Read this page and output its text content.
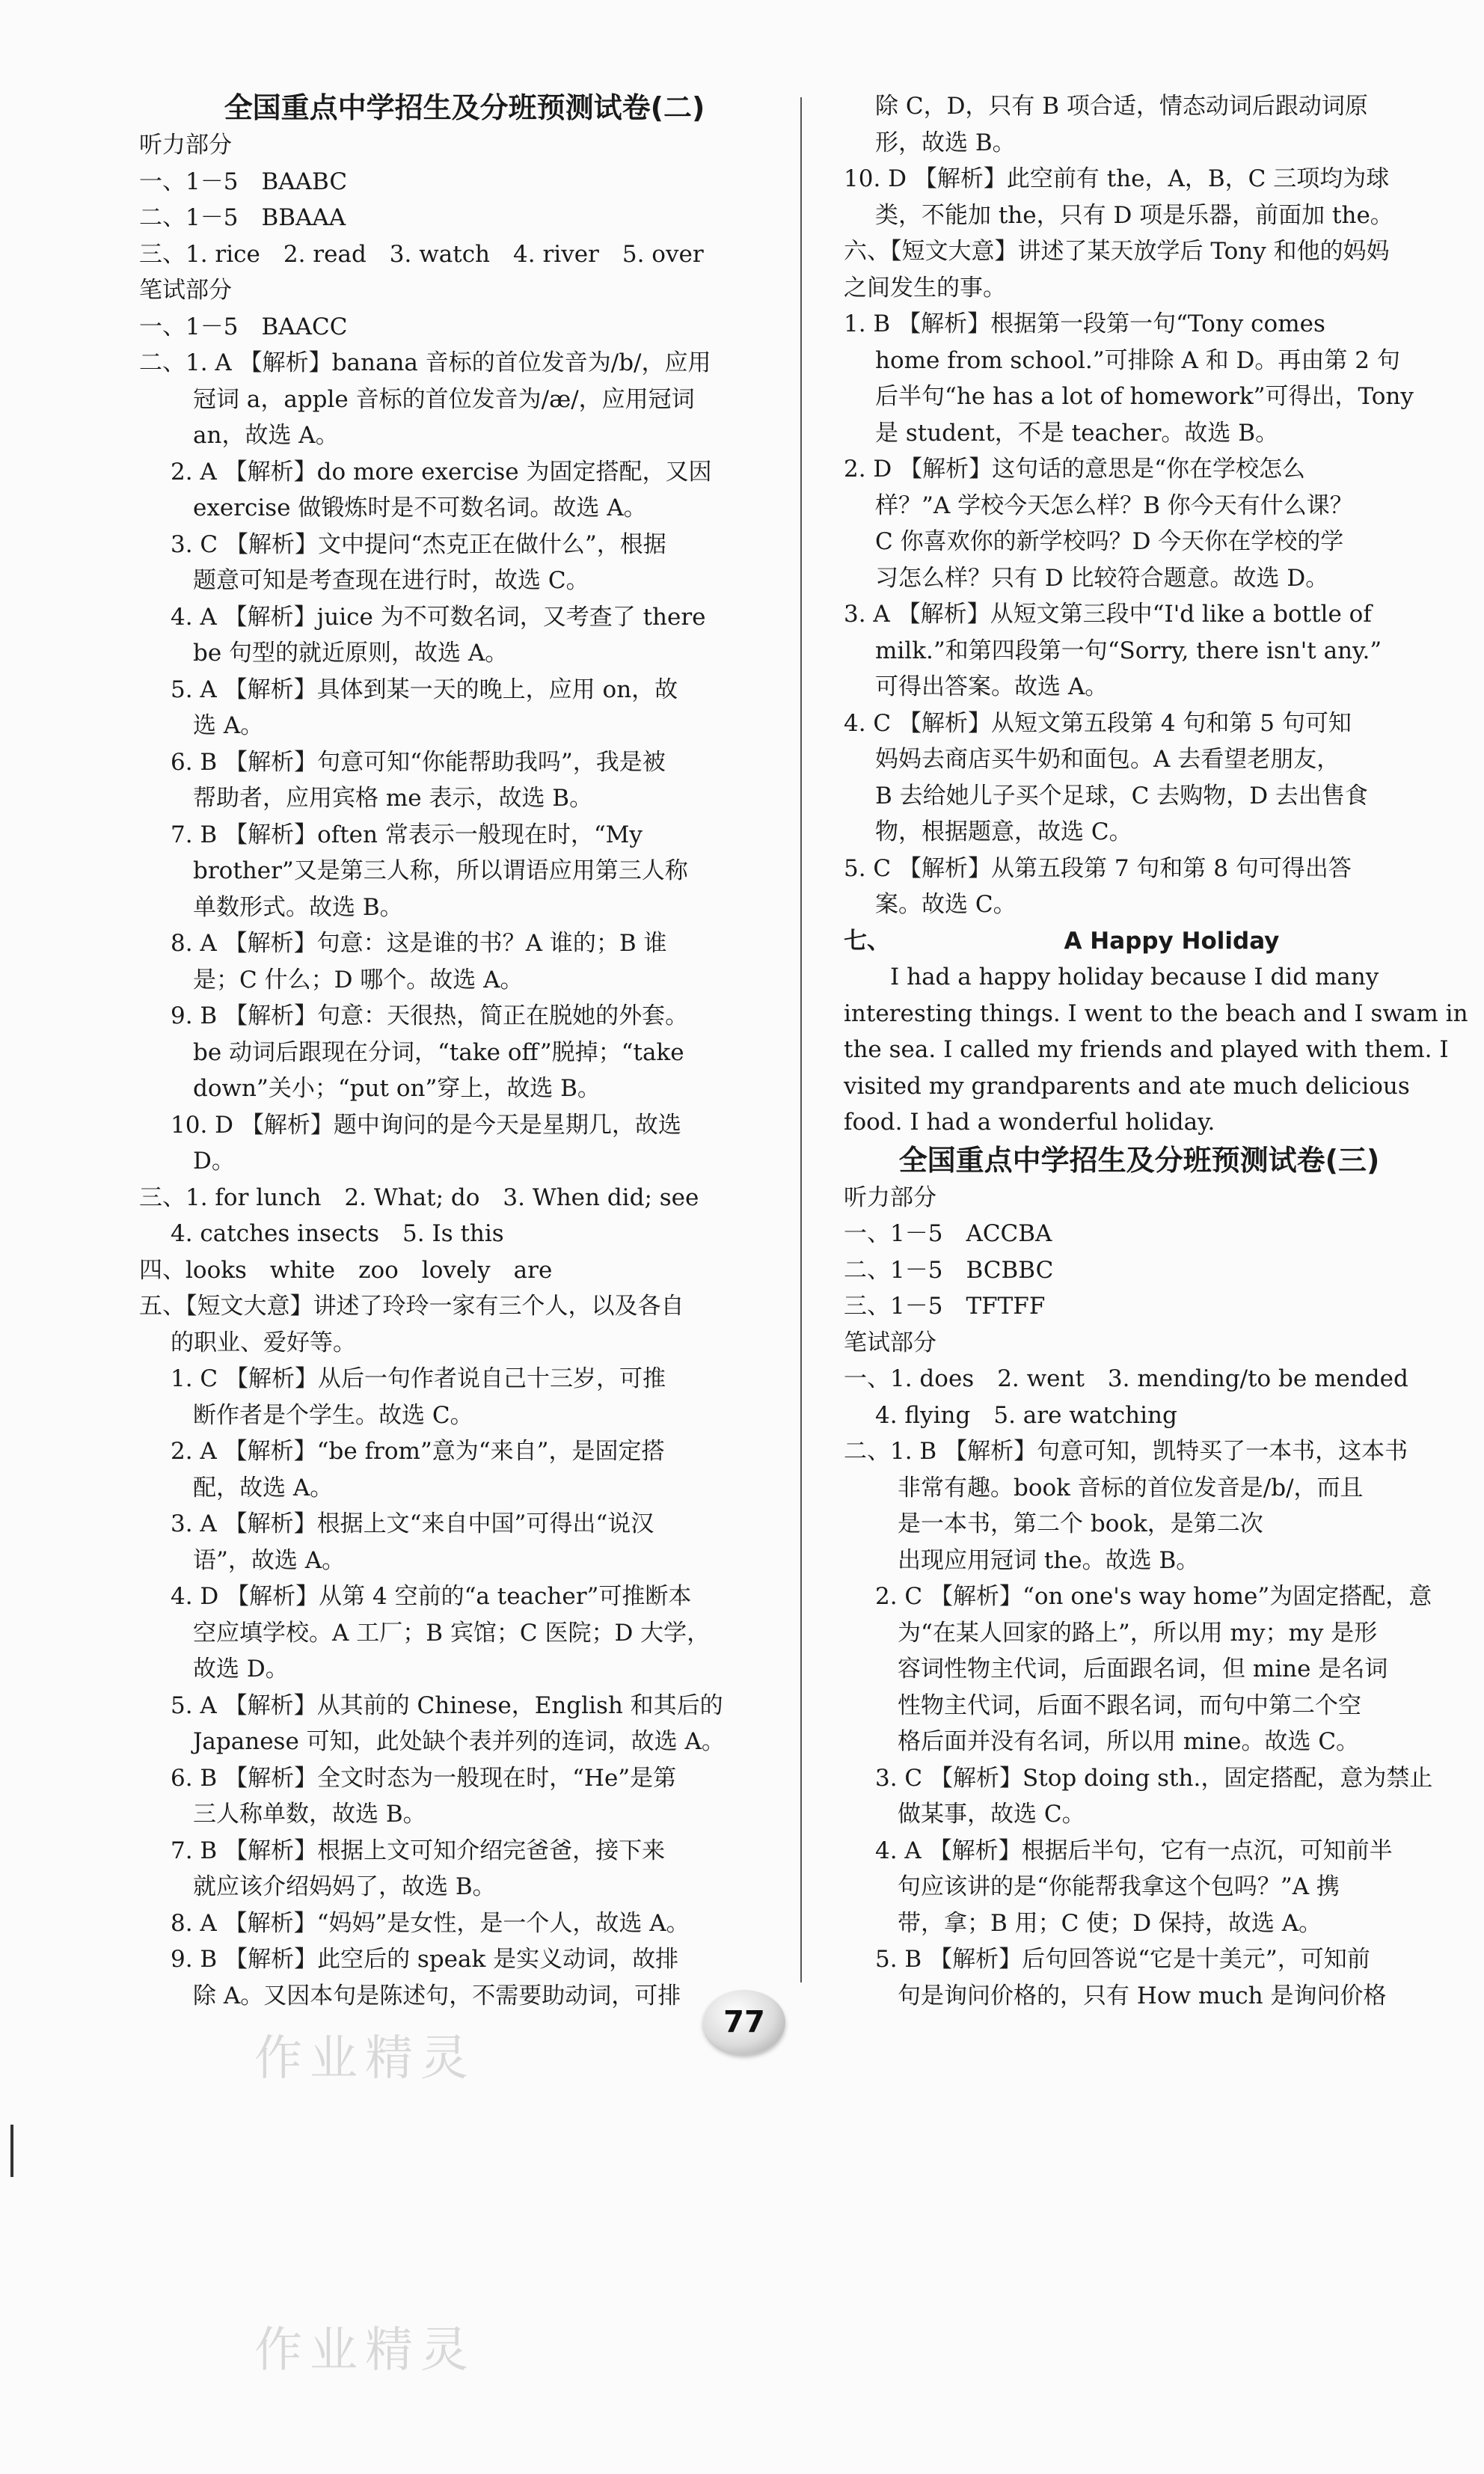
全国重点中学招生及分班预测试卷(二)
听力部分
一、1－5　BAABC
二、1－5　BBAAA
三、1. rice　2. read　3. watch　4. river　5. over
笔试部分
一、1－5　BAACC
二、1. A 【解析】banana 音标的首位发音为/b/，应用
冠词 a，apple 音标的首位发音为/æ/，应用冠词
an，故选 A。
2. A 【解析】do more exercise 为固定搭配，又因
exercise 做锻炼时是不可数名词。故选 A。
3. C 【解析】文中提问“杰克正在做什么”，根据
题意可知是考查现在进行时，故选 C。
4. A 【解析】juice 为不可数名词，又考查了 there
be 句型的就近原则，故选 A。
5. A 【解析】具体到某一天的晚上，应用 on，故
选 A。
6. B 【解析】句意可知“你能帮助我吗”，我是被
帮助者，应用宾格 me 表示，故选 B。
7. B 【解析】often 常表示一般现在时，“My
brother”又是第三人称，所以谓语应用第三人称
单数形式。故选 B。
8. A 【解析】句意：这是谁的书？A 谁的；B 谁
是；C 什么；D 哪个。故选 A。
9. B 【解析】句意：天很热，简正在脱她的外套。
be 动词后跟现在分词，“take off”脱掉；“take
down”关小；“put on”穿上，故选 B。
10. D 【解析】题中询问的是今天是星期几，故选
D。
三、1. for lunch　2. What; do　3. When did; see
4. catches insects　5. Is this
四、looks　white　zoo　lovely　are
五、【短文大意】讲述了玲玲一家有三个人，以及各自
的职业、爱好等。
1. C 【解析】从后一句作者说自己十三岁，可推
断作者是个学生。故选 C。
2. A 【解析】“be from”意为“来自”，是固定搭
配，故选 A。
3. A 【解析】根据上文“来自中国”可得出“说汉
语”，故选 A。
4. D 【解析】从第 4 空前的“a teacher”可推断本
空应填学校。A 工厂；B 宾馆；C 医院；D 大学，
故选 D。
5. A 【解析】从其前的 Chinese，English 和其后的
Japanese 可知，此处缺个表并列的连词，故选 A。
6. B 【解析】全文时态为一般现在时，“He”是第
三人称单数，故选 B。
7. B 【解析】根据上文可知介绍完爸爸，接下来
就应该介绍妈妈了，故选 B。
8. A 【解析】“妈妈”是女性，是一个人，故选 A。
9. B 【解析】此空后的 speak 是实义动词，故排
除 A。又因本句是陈述句，不需要助动词，可排
除 C，D，只有 B 项合适，情态动词后跟动词原
形，故选 B。
10. D 【解析】此空前有 the，A，B，C 三项均为球
类，不能加 the，只有 D 项是乐器，前面加 the。
六、【短文大意】讲述了某天放学后 Tony 和他的妈妈
之间发生的事。
1. B 【解析】根据第一段第一句“Tony comes
home from school.”可排除 A 和 D。再由第 2 句
后半句“he has a lot of homework”可得出，Tony
是 student，不是 teacher。故选 B。
2. D 【解析】这句话的意思是“你在学校怎么
样？”A 学校今天怎么样？B 你今天有什么课？
C 你喜欢你的新学校吗？D 今天你在学校的学
习怎么样？只有 D 比较符合题意。故选 D。
3. A 【解析】从短文第三段中“I'd like a bottle of
milk.”和第四段第一句“Sorry, there isn't any.”
可得出答案。故选 A。
4. C 【解析】从短文第五段第 4 句和第 5 句可知
妈妈去商店买牛奶和面包。A 去看望老朋友，
B 去给她儿子买个足球，C 去购物，D 去出售食
物，根据题意，故选 C。
5. C 【解析】从第五段第 7 句和第 8 句可得出答
案。故选 C。
七、　　　　　　　　A Happy Holiday
　　I had a happy holiday because I did many
interesting things. I went to the beach and I swam in
the sea. I called my friends and played with them. I
visited my grandparents and ate much delicious
food. I had a wonderful holiday.
全国重点中学招生及分班预测试卷(三)
听力部分
一、1－5　ACCBA
二、1－5　BCBBC
三、1－5　TFTFF
笔试部分
一、1. does　2. went　3. mending/to be mended
4. flying　5. are watching
二、1. B 【解析】句意可知，凯特买了一本书，这本书
非常有趣。book 音标的首位发音是/b/，而且
是一本书，第二个 book，是第二次
出现应用冠词 the。故选 B。
2. C 【解析】“on one's way home”为固定搭配，意
为“在某人回家的路上”，所以用 my；my 是形
容词性物主代词，后面跟名词，但 mine 是名词
性物主代词，后面不跟名词，而句中第二个空
格后面并没有名词，所以用 mine。故选 C。
3. C 【解析】Stop doing sth.，固定搭配，意为禁止
做某事，故选 C。
4. A 【解析】根据后半句，它有一点沉，可知前半
句应该讲的是“你能帮我拿这个包吗？”A 携
带，拿；B 用；C 使；D 保持，故选 A。
5. B 【解析】后句回答说“它是十美元”，可知前
句是询问价格的，只有 How much 是询问价格
作业精灵
作业精灵
77
